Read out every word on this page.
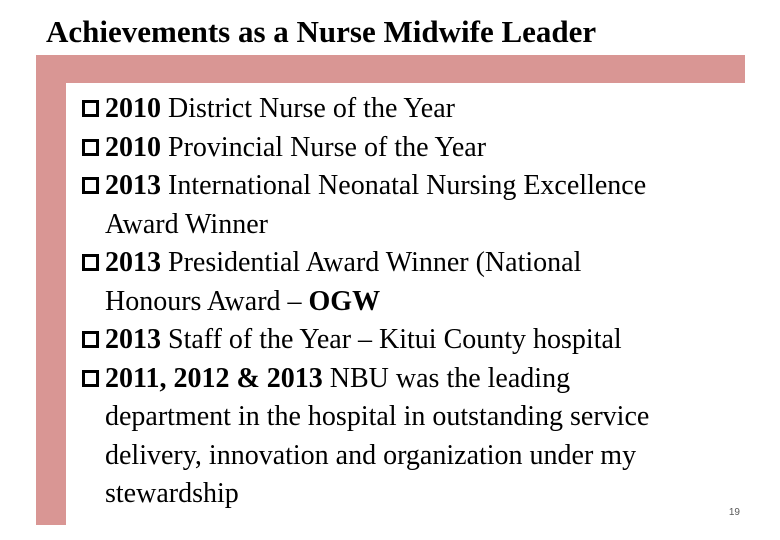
Achievements as a Nurse Midwife Leader
2010 District Nurse of the Year
2010 Provincial Nurse of the Year
2013 International Neonatal Nursing Excellence
Award Winner
2013 Presidential Award Winner (National
Honours Award – OGW
2013 Staff of the Year – Kitui County hospital
2011, 2012 & 2013 NBU was the leading
department in the hospital in outstanding service
delivery, innovation and organization under my
stewardship
19
